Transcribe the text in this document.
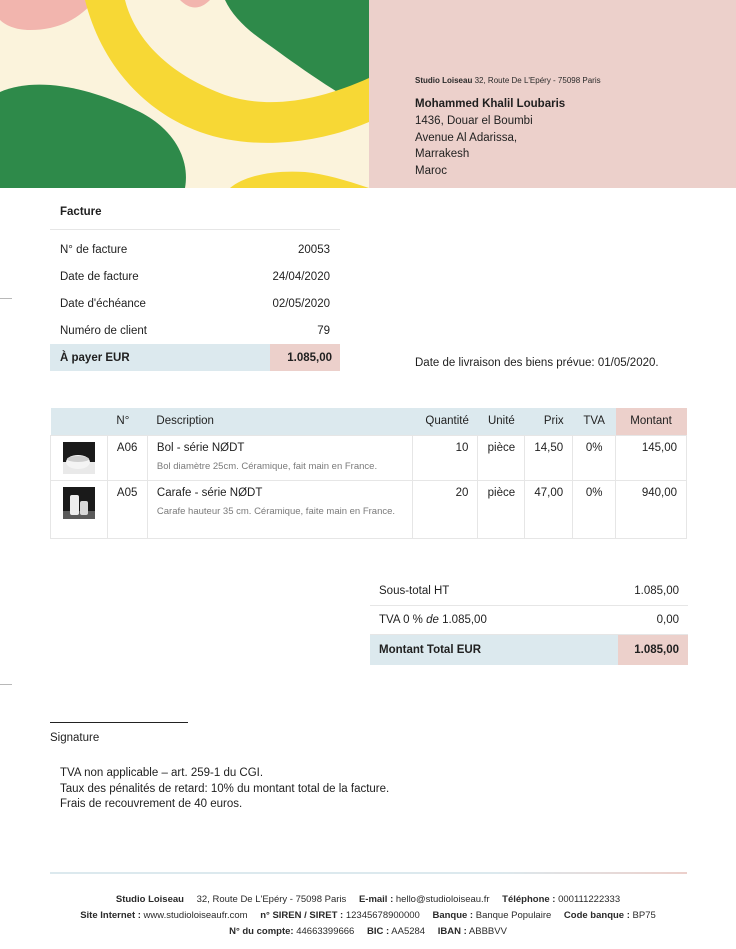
Studio Loiseau 32, Route De L'Epéry - 75098 Paris
Mohammed Khalil Loubaris
1436, Douar el Boumbi
Avenue Al Adarissa,
Marrakesh
Maroc
Facture
N° de facture	20053
Date de facture	24/04/2020
Date d'échéance	02/05/2020
Numéro de client	79
À payer EUR	1.085,00	Date de livraison des biens prévue: 01/05/2020.
	N°	Description	Quantité	Unité	Prix	TVA	Montant

	A06	Bol - série NØDT
Bol diamètre 25cm. Céramique, fait main en France.	10	pièce	14,50	0%	145,00

	A05	Carafe - série NØDT
Carafe hauteur 35 cm. Céramique, faite main en France.	20	pièce	47,00	0%	940,00
Sous-total HT	1.085,00
TVA 0 % de 1.085,00	0,00
Montant Total EUR	1.085,00
Signature
TVA non applicable – art. 259-1 du CGI.
Taux des pénalités de retard: 10% du montant total de la facture.
Frais de recouvrement de 40 euros.
Studio Loiseau 32, Route De L'Epéry - 75098 Paris E-mail : hello@studioloiseau.fr Téléphone : 000111222333
Site Internet : www.studioloiseaufr.com n° SIREN / SIRET : 12345678900000 Banque : Banque Populaire Code banque : BP75
N° du compte: 44663399666 BIC : AA5284 IBAN : ABBBVV
